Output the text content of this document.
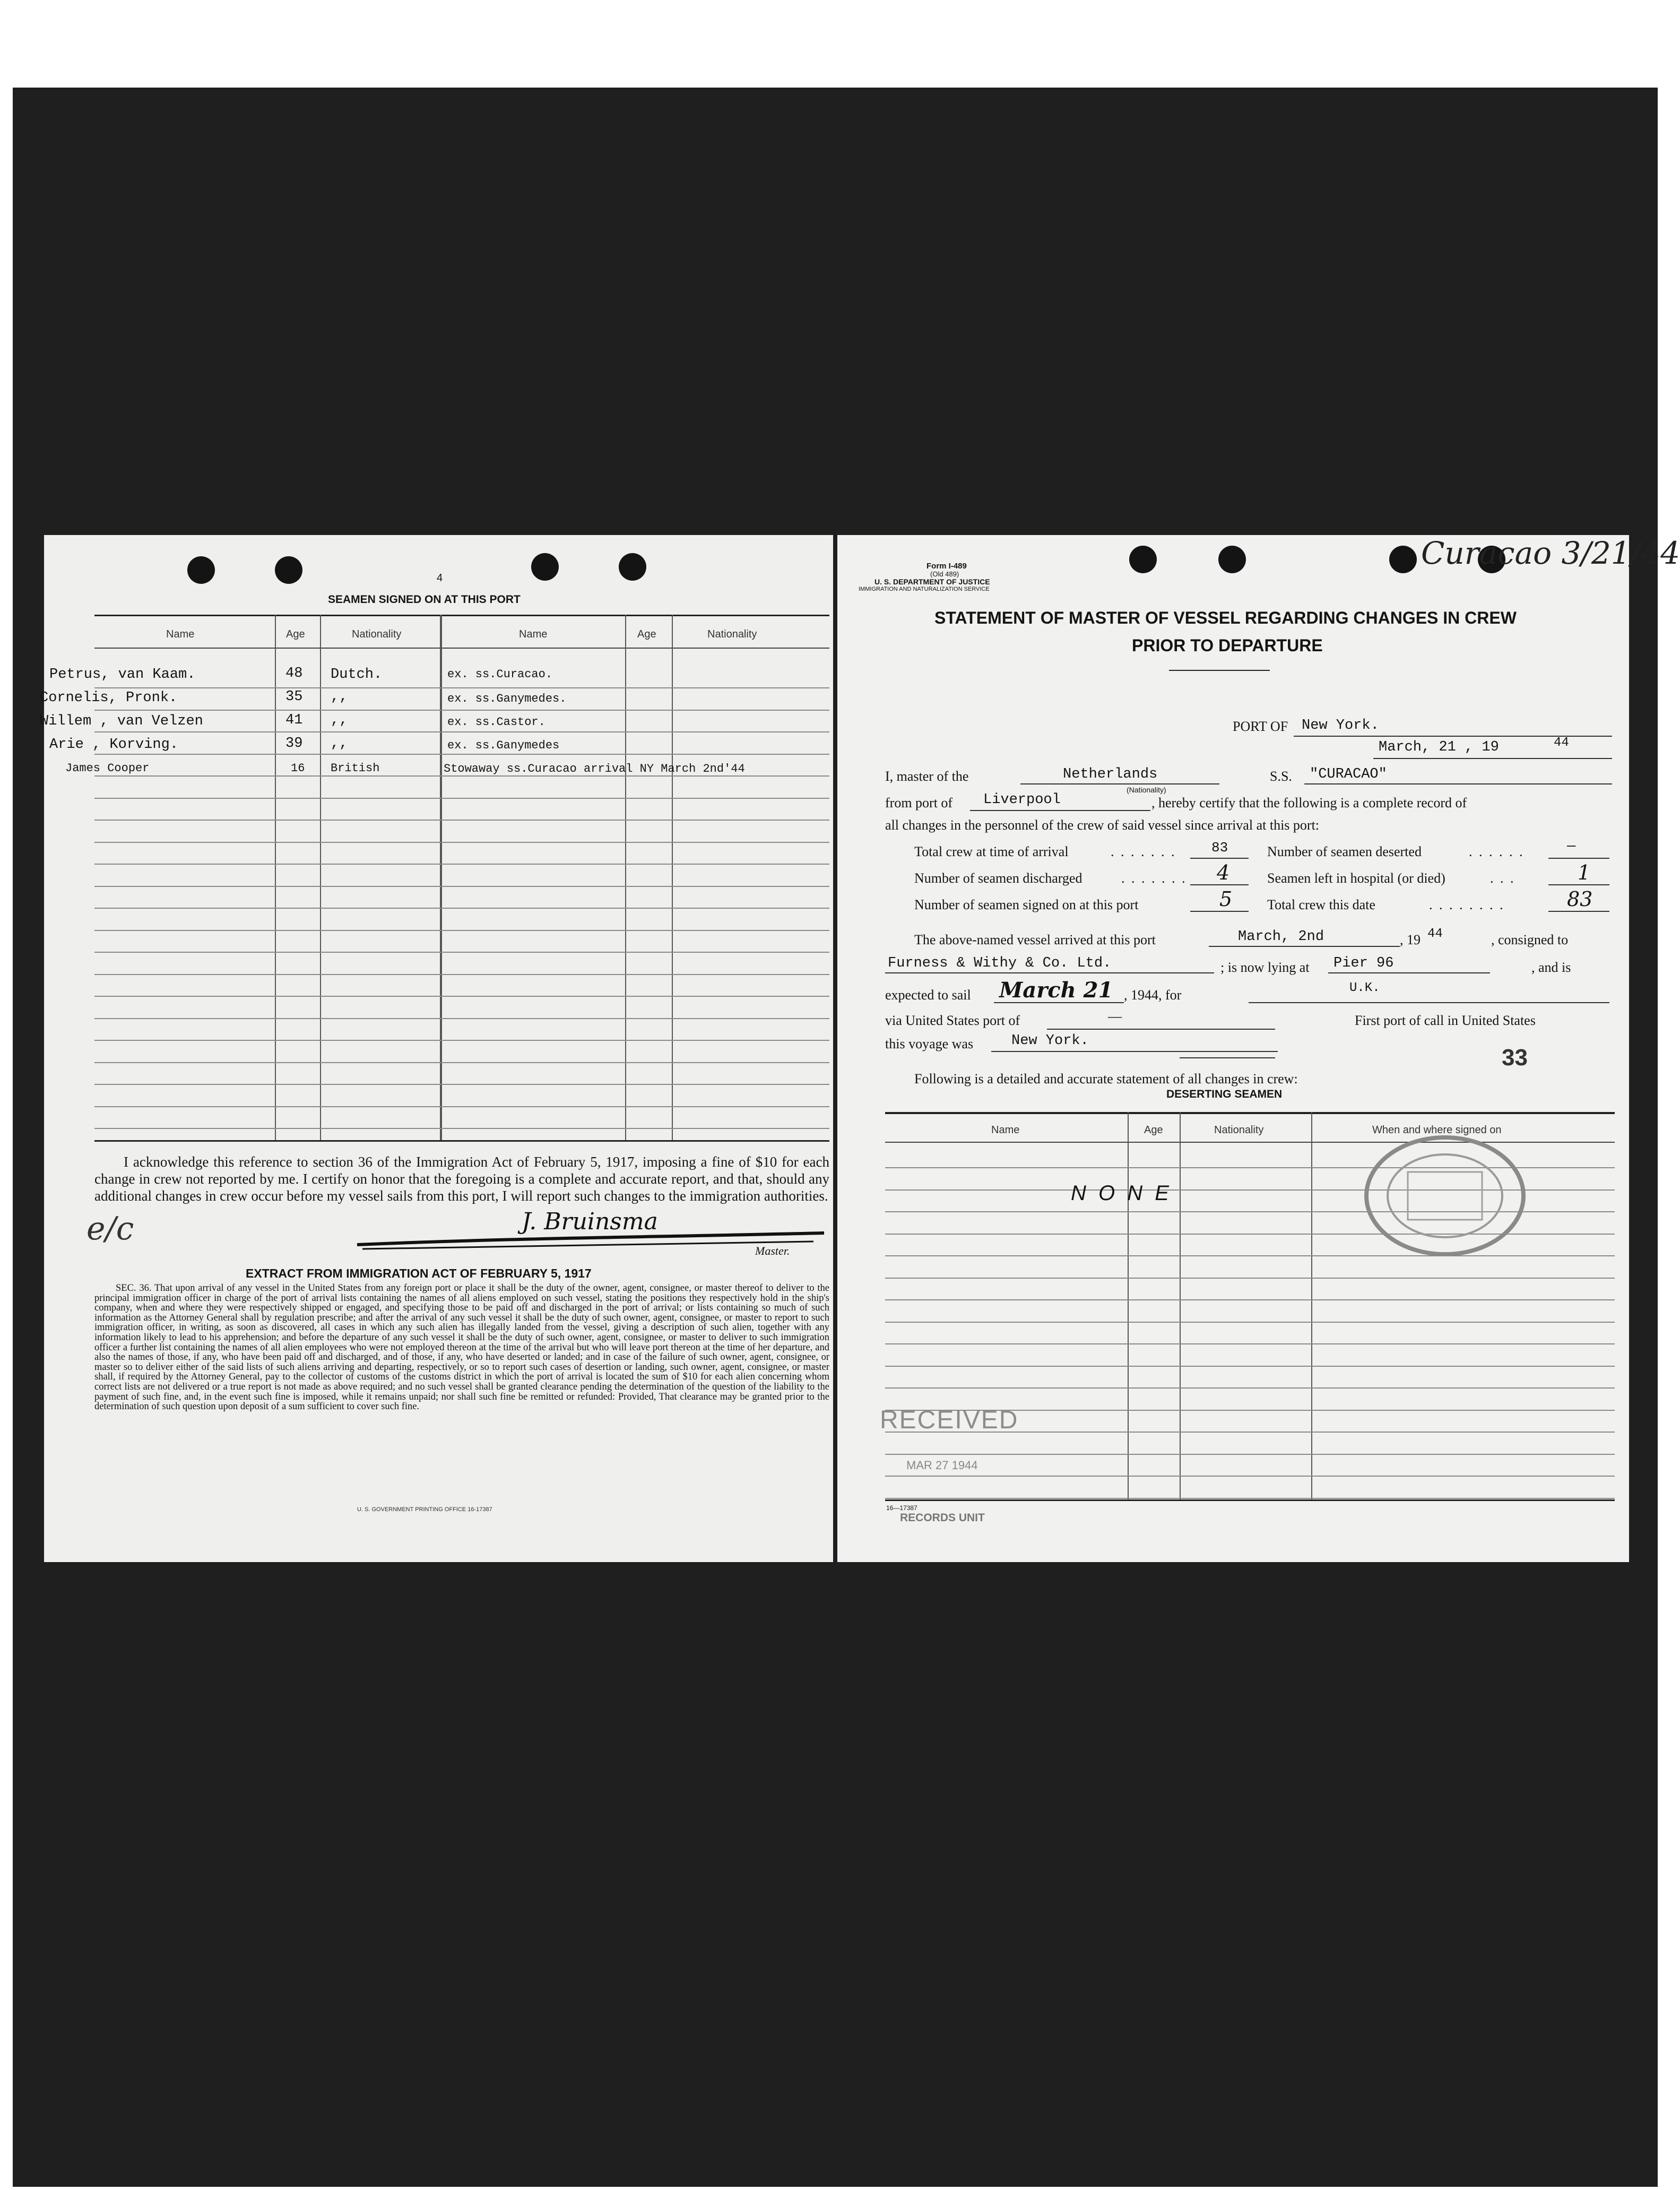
4
SEAMEN SIGNED ON AT THIS PORT
Name	Age	Nationality	Name	Age	Nationality
Petrus, van Kaam.	48 Dutch.	ex. ss.Curacao.
Cornelis, Pronk.	35 ,,	ex. ss.Ganymedes.
Willem , van Velzen	41 ,,	ex. ss.Castor.
Arie , Korving.	39 ,,	ex. ss.Ganymedes
James Cooper	16 British	Stowaway ss.Curacao arrival NY March 2nd'44
I acknowledge this reference to section 36 of the Immigration Act of February 5, 1917, imposing a fine of $10 for each change in crew not reported by me. I certify on honor that the foregoing is a complete and accurate report, and that, should any additional changes in crew occur before my vessel sails from this port, I will report such changes to the immigration authorities.
e/c	J. Bruinsma
Master.
EXTRACT FROM IMMIGRATION ACT OF FEBRUARY 5, 1917
SEC. 36. That upon arrival of any vessel in the United States from any foreign port or place it shall be the duty of the owner, agent, consignee, or master thereof to deliver to the principal immigration officer in charge of the port of arrival lists containing the names of all aliens employed on such vessel, stating the positions they respectively hold in the ship's company, when and where they were respectively shipped or engaged, and specifying those to be paid off and discharged in the port of arrival; or lists containing so much of such information as the Attorney General shall by regulation prescribe; and after the arrival of any such vessel it shall be the duty of such owner, agent, consignee, or master to report to such immigration officer, in writing, as soon as discovered, all cases in which any such alien has illegally landed from the vessel, giving a description of such alien, together with any information likely to lead to his apprehension; and before the departure of any such vessel it shall be the duty of such owner, agent, consignee, or master to deliver to such immigration officer a further list containing the names of all alien employees who were not employed thereon at the time of the arrival but who will leave port thereon at the time of her departure, and also the names of those, if any, who have been paid off and discharged, and of those, if any, who have deserted or landed; and in case of the failure of such owner, agent, consignee, or master so to deliver either of the said lists of such aliens arriving and departing, respectively, or so to report such cases of desertion or landing, such owner, agent, consignee, or master shall, if required by the Attorney General, pay to the collector of customs of the customs district in which the port of arrival is located the sum of $10 for each alien concerning whom correct lists are not delivered or a true report is not made as above required; and no such vessel shall be granted clearance pending the determination of the question of the liability to the payment of such fine, and, in the event such fine is imposed, while it remains unpaid; nor shall such fine be remitted or refunded: Provided, That clearance may be granted prior to the determination of such question upon deposit of a sum sufficient to cover such fine.
U. S. GOVERNMENT PRINTING OFFICE 16-17387
Form I-489
(Old 489)
U. S. DEPARTMENT OF JUSTICE
IMMIGRATION AND NATURALIZATION SERVICE
Curacao 3/21/44
STATEMENT OF MASTER OF VESSEL REGARDING CHANGES IN CREW
PRIOR TO DEPARTURE
PORT OF New York.
March, 21 , 19	44
I, master of the	Netherlands
(Nationality)
S.S. "CURACAO"
from port of Liverpool	, hereby certify that the following is a complete record of
all changes in the personnel of the crew of said vessel since arrival at this port:
Total crew at time of arrival	. . . . . . .	83	Number of seamen deserted	. . . . . .	—
Number of seamen discharged	. . . . . . . 4	Seamen left in hospital (or died)	. . .	1
Number of seamen signed on at this port	5	Total crew this date	. . . . . . . .	83
The above-named vessel arrived at this port	March, 2nd	, 19 44	, consigned to
Furness & Withy & Co. Ltd.	; is now lying at Pier 96	, and is
expected to sail March 21 , 1944, for	U.K.
via United States port of	—	First port of call in United States
this voyage was	New York.
33
Following is a detailed and accurate statement of all changes in crew:
DESERTING SEAMEN
Name	Age	Nationality	When and where signed on
N O N E
RECEIVED
MAR 27 1944
16—17387
RECORDS UNIT
